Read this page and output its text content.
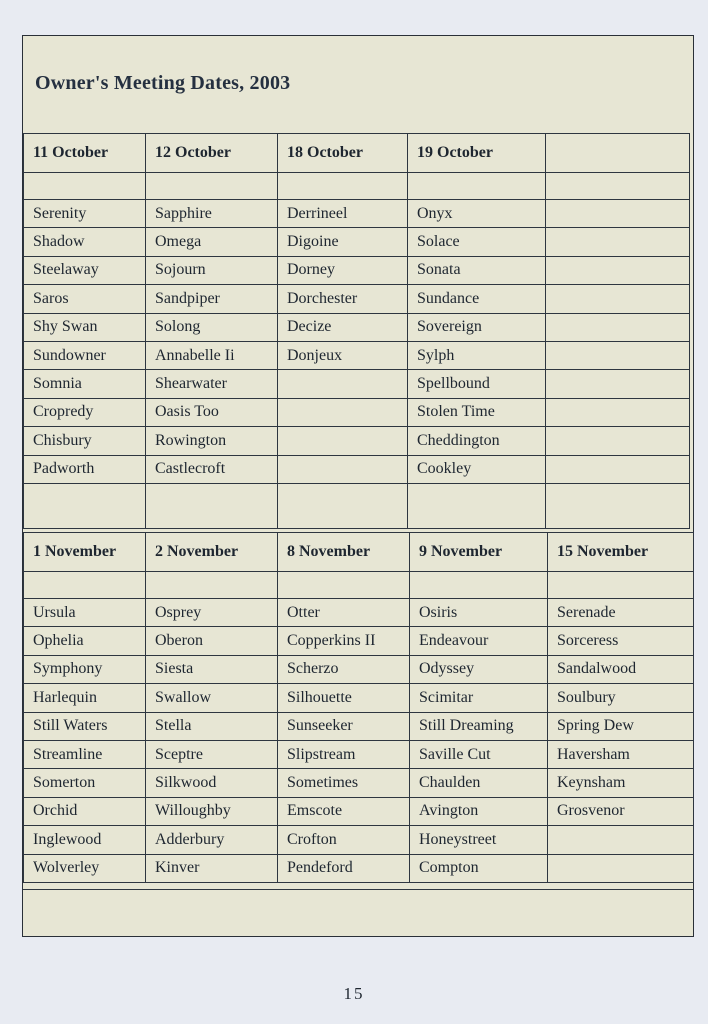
Owner's Meeting Dates, 2003
11 October	12 October	18 October	19 October	

Serenity	Sapphire	Derrineel	Onyx	
Shadow	Omega	Digoine	Solace	
Steelaway	Sojourn	Dorney	Sonata	
Saros	Sandpiper	Dorchester	Sundance	
Shy Swan	Solong	Decize	Sovereign	
Sundowner	Annabelle Ii	Donjeux	Sylph	
Somnia	Shearwater		Spellbound	
Cropredy	Oasis Too		Stolen Time	
Chisbury	Rowington		Cheddington	
Padworth	Castlecroft		Cookley	

1 November	2 November	8 November	9 November	15 November

Ursula	Osprey	Otter	Osiris	Serenade
Ophelia	Oberon	Copperkins II	Endeavour	Sorceress
Symphony	Siesta	Scherzo	Odyssey	Sandalwood
Harlequin	Swallow	Silhouette	Scimitar	Soulbury
Still Waters	Stella	Sunseeker	Still Dreaming	Spring Dew
Streamline	Sceptre	Slipstream	Saville Cut	Haversham
Somerton	Silkwood	Sometimes	Chaulden	Keynsham
Orchid	Willoughby	Emscote	Avington	Grosvenor
Inglewood	Adderbury	Crofton	Honeystreet	
Wolverley	Kinver	Pendeford	Compton	
15
